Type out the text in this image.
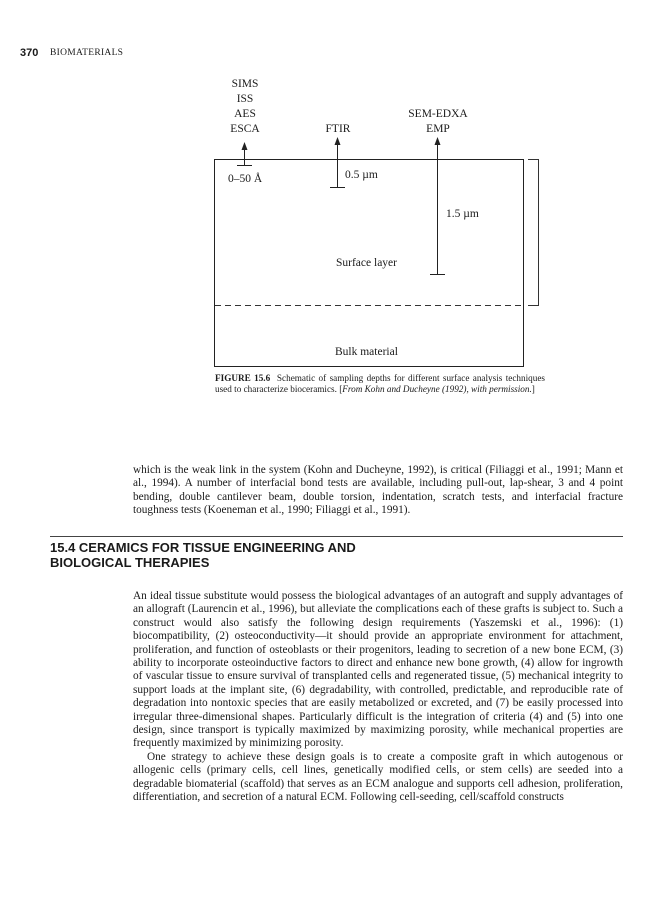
370 BIOMATERIALS
SIMS
ISS
AES
ESCA	FTIR
SEM-EDXA
EMP
0–50 Å	0.5 µm
1.5 µm
Surface layer
Bulk material
FIGURE 15.6 Schematic of sampling depths for different surface analysis techniques used to characterize bioceramics. [From Kohn and Ducheyne (1992), with permission.]

which is the weak link in the system (Kohn and Ducheyne, 1992), is critical (Filiaggi et al., 1991; Mann et al., 1994). A number of interfacial bond tests are available, including pull-out, lap-shear, 3 and 4 point bending, double cantilever beam, double torsion, indentation, scratch tests, and interfacial fracture toughness tests (Koeneman et al., 1990; Filiaggi et al., 1991).

15.4 CERAMICS FOR TISSUE ENGINEERING AND
BIOLOGICAL THERAPIES

An ideal tissue substitute would possess the biological advantages of an autograft and supply advantages of an allograft (Laurencin et al., 1996), but alleviate the complications each of these grafts is subject to. Such a construct would also satisfy the following design requirements (Yaszemski et al., 1996): (1) biocompatibility, (2) osteoconductivity—it should provide an appropriate environment for attachment, proliferation, and function of osteoblasts or their progenitors, leading to secretion of a new bone ECM, (3) ability to incorporate osteoinductive factors to direct and enhance new bone growth, (4) allow for ingrowth of vascular tissue to ensure survival of transplanted cells and regenerated tissue, (5) mechanical integrity to support loads at the implant site, (6) degradability, with controlled, predictable, and reproducible rate of degradation into nontoxic species that are easily metabolized or excreted, and (7) be easily processed into irregular three-dimensional shapes. Particularly difficult is the integration of criteria (4) and (5) into one design, since transport is typically maximized by maximizing porosity, while mechanical properties are frequently maximized by minimizing porosity.

One strategy to achieve these design goals is to create a composite graft in which autogenous or allogenic cells (primary cells, cell lines, genetically modified cells, or stem cells) are seeded into a degradable biomaterial (scaffold) that serves as an ECM analogue and supports cell adhesion, proliferation, differentiation, and secretion of a natural ECM. Following cell-seeding, cell/scaffold constructs
